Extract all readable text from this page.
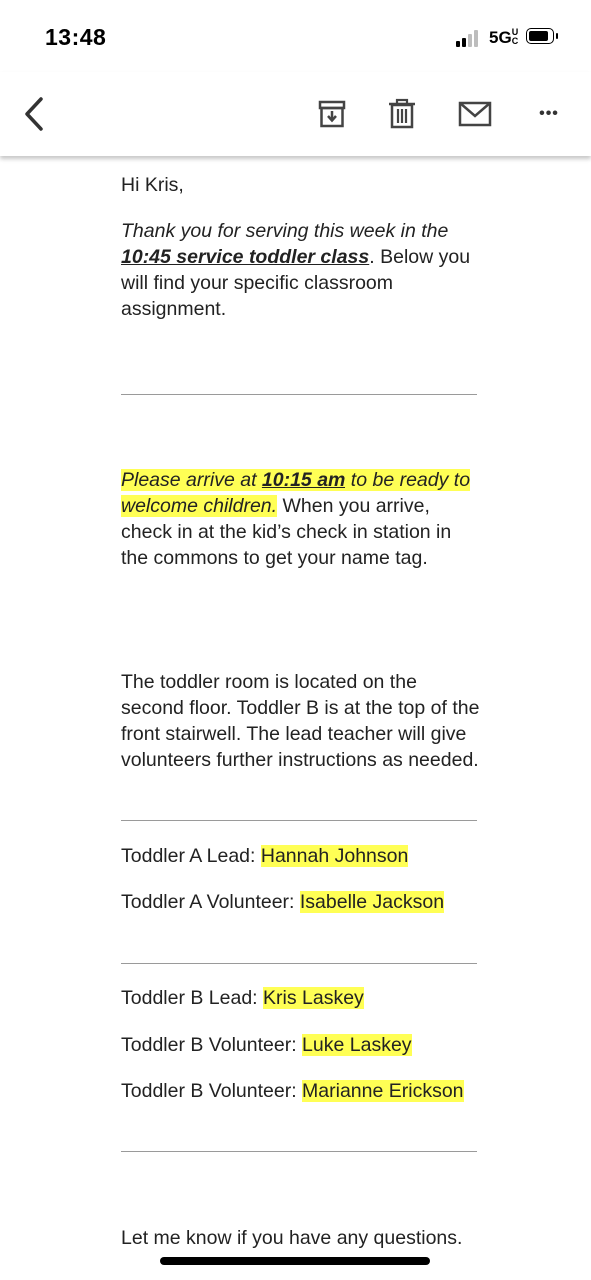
13:48	5GUC
•••

Hi Kris,

Thank you for serving this week in the 10:45 service toddler class. Below you will find your specific classroom assignment.

Please arrive at 10:15 am to be ready to welcome children. When you arrive, check in at the kid’s check in station in the commons to get your name tag.

The toddler room is located on the second floor. Toddler B is at the top of the front stairwell. The lead teacher will give volunteers further instructions as needed.

Toddler A Lead: Hannah Johnson

Toddler A Volunteer: Isabelle Jackson

Toddler B Lead: Kris Laskey

Toddler B Volunteer: Luke Laskey

Toddler B Volunteer: Marianne Erickson

Let me know if you have any questions.
